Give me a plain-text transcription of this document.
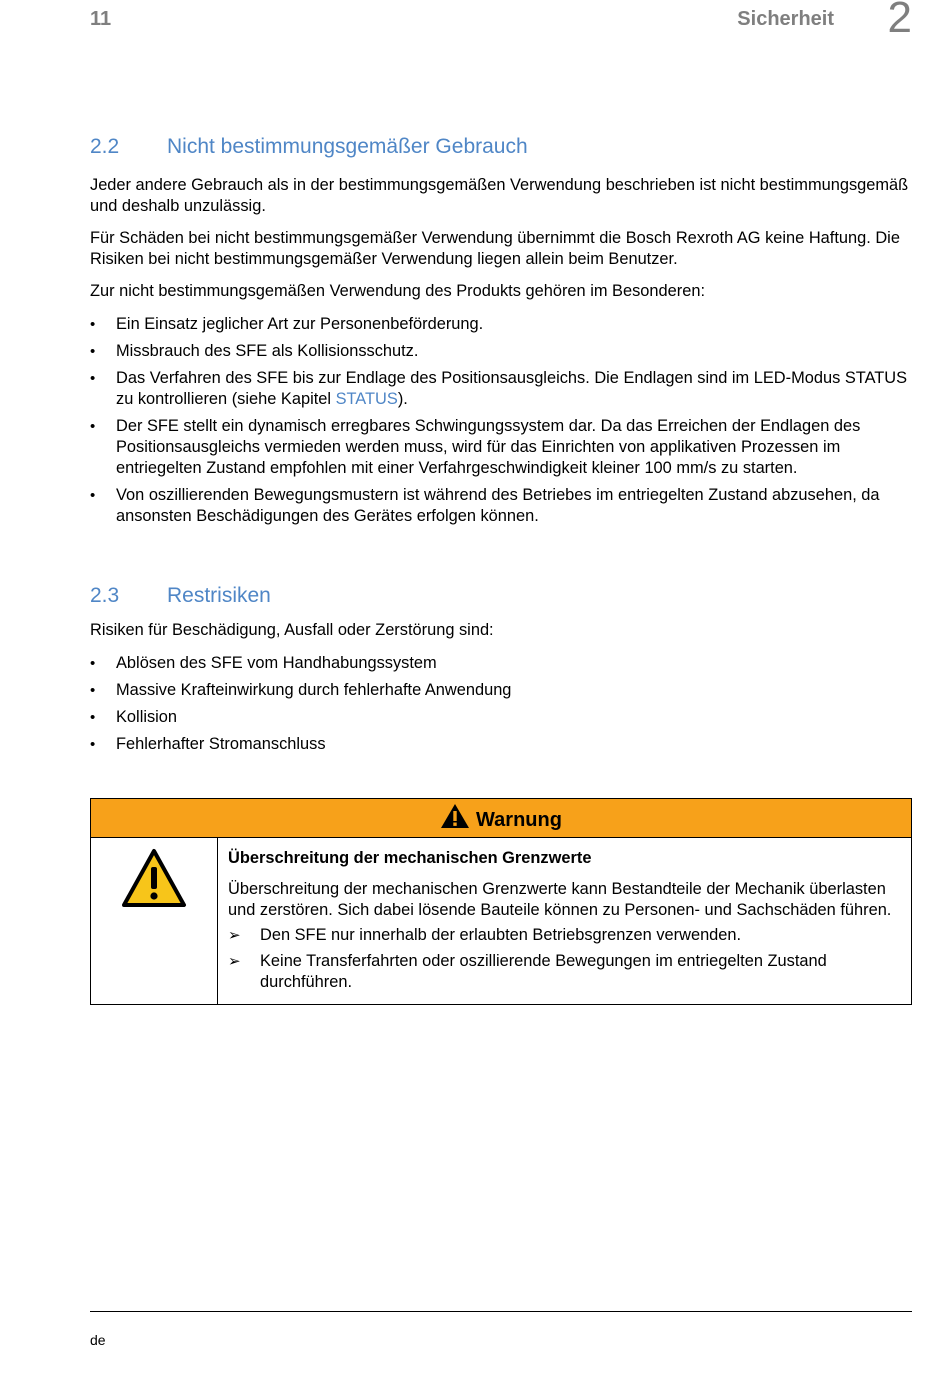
11	Sicherheit 2
2.2 Nicht bestimmungsgemäßer Gebrauch

Jeder andere Gebrauch als in der bestimmungsgemäßen Verwendung beschrieben ist nicht bestimmungsgemäß und deshalb unzulässig.

Für Schäden bei nicht bestimmungsgemäßer Verwendung übernimmt die Bosch Rexroth AG keine Haftung. Die Risiken bei nicht bestimmungsgemäßer Verwendung liegen allein beim Benutzer.

Zur nicht bestimmungsgemäßen Verwendung des Produkts gehören im Besonderen:

• Ein Einsatz jeglicher Art zur Personenbeförderung.
• Missbrauch des SFE als Kollisionsschutz.
• Das Verfahren des SFE bis zur Endlage des Positionsausgleichs. Die Endlagen sind im LED-Modus STATUS zu kontrollieren (siehe Kapitel STATUS).
• Der SFE stellt ein dynamisch erregbares Schwingungssystem dar. Da das Erreichen der Endlagen des Positionsausgleichs vermieden werden muss, wird für das Einrichten von applikativen Prozessen im entriegelten Zustand empfohlen mit einer Verfahrgeschwindigkeit kleiner 100 mm/s zu starten.
• Von oszillierenden Bewegungsmustern ist während des Betriebes im entriegelten Zustand abzusehen, da ansonsten Beschädigungen des Gerätes erfolgen können.
2.3 Restrisiken

Risiken für Beschädigung, Ausfall oder Zerstörung sind:

• Ablösen des SFE vom Handhabungssystem
• Massive Krafteinwirkung durch fehlerhafte Anwendung
• Kollision
• Fehlerhafter Stromanschluss
Warnung
Überschreitung der mechanischen Grenzwerte

Überschreitung der mechanischen Grenzwerte kann Bestandteile der Mechanik überlasten und zerstören. Sich dabei lösende Bauteile können zu Personen- und Sachschäden führen.

➢ Den SFE nur innerhalb der erlaubten Betriebsgrenzen verwenden.
➢ Keine Transferfahrten oder oszillierende Bewegungen im entriegelten Zustand durchführen.
de
